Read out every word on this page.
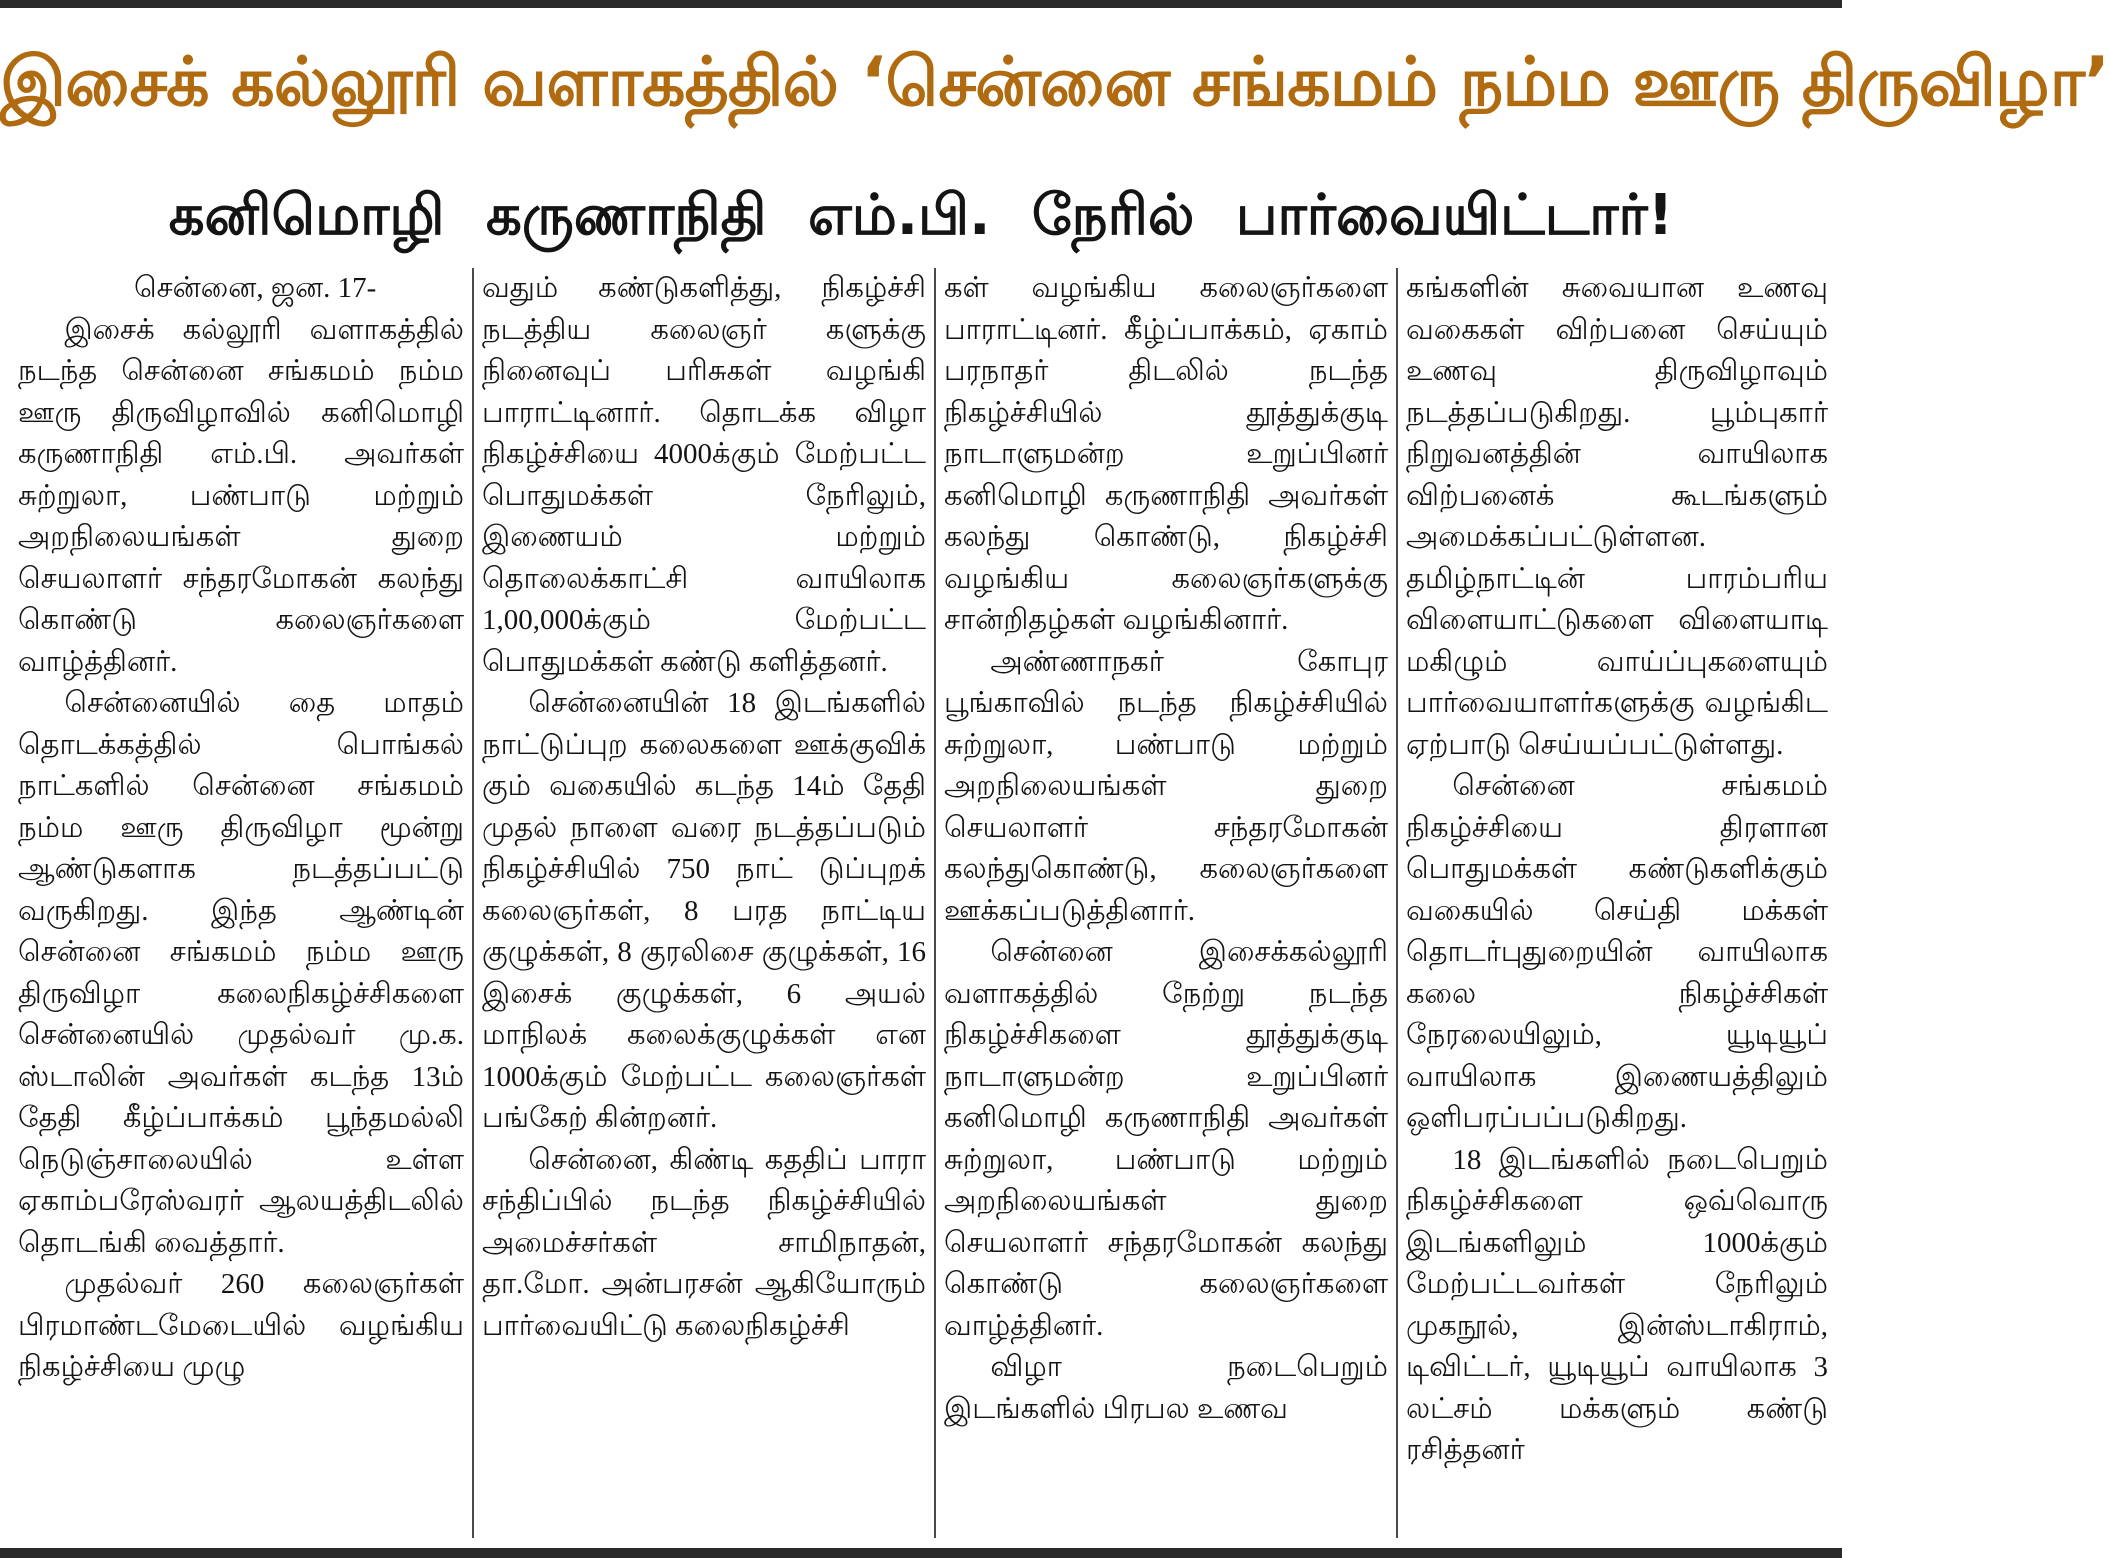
இசைக் கல்லூரி வளாகத்தில் ‘சென்னை சங்கமம் நம்ம ஊரு திருவிழா’
கனிமொழி கருணாநிதி எம்.பி. நேரில் பார்வையிட்டார்!

சென்னை, ஜன. 17-

இசைக் கல்லூரி வளாகத்தில் நடந்த சென்னை சங்கமம் நம்ம ஊரு திருவிழாவில் கனிமொழி கருணாநிதி எம்.பி. அவர்கள் சுற்றுலா, பண்பாடு மற்றும் அறநிலையங்கள் துறை செயலாளர் சந்தரமோகன் கலந்து கொண்டு கலைஞர்களை வாழ்த்தினர்.

சென்னையில் தை மாதம் தொடக்கத்தில் பொங்கல் நாட்களில் சென்னை சங்கமம் நம்ம ஊரு திருவிழா மூன்று ஆண்டுகளாக நடத்தப்பட்டு வருகிறது. இந்த ஆண்டின் சென்னை சங்கமம் நம்ம ஊரு திருவிழா கலைநிகழ்ச்சிகளை சென்னையில் முதல்வர் மு.க. ஸ்டாலின் அவர்கள் கடந்த 13ம் தேதி கீழ்ப்பாக்கம் பூந்தமல்லி நெடுஞ்சாலையில் உள்ள ஏகாம்பரேஸ்வரர் ஆலயத்திடலில் தொடங்கி வைத்தார்.

முதல்வர் 260 கலைஞர்கள் பிரமாண்டமேடையில் வழங்கிய நிகழ்ச்சியை முழு

வதும் கண்டுகளித்து, நிகழ்ச்சி நடத்திய கலைஞர் களுக்கு நினைவுப் பரிசுகள் வழங்கி பாராட்டினார். தொடக்க விழா நிகழ்ச்சியை 4000க்கும் மேற்பட்ட பொதுமக்கள் நேரிலும், இணையம் மற்றும் தொலைக்காட்சி வாயிலாக 1,00,000க்கும் மேற்பட்ட பொதுமக்கள் கண்டு களித்தனர்.

சென்னையின் 18 இடங்களில் நாட்டுப்புற கலைகளை ஊக்குவிக் கும் வகையில் கடந்த 14ம் தேதி முதல் நாளை வரை நடத்தப்படும் நிகழ்ச்சியில் 750 நாட் டுப்புறக் கலைஞர்கள், 8 பரத நாட்டிய குழுக்கள், 8 குரலிசை குழுக்கள், 16 இசைக் குழுக்கள், 6 அயல் மாநிலக் கலைக்குழுக்கள் என 1000க்கும் மேற்பட்ட கலைஞர்கள் பங்கேற் கின்றனர்.

சென்னை, கிண்டி கததிப் பாரா சந்திப்பில் நடந்த நிகழ்ச்சியில் அமைச்சர்கள் சாமிநாதன், தா.மோ. அன்பரசன் ஆகியோரும் பார்வையிட்டு கலைநிகழ்ச்சி

கள் வழங்கிய கலைஞர்களை பாராட்டினர். கீழ்ப்பாக்கம், ஏகாம் பரநாதர் திடலில் நடந்த நிகழ்ச்சியில் தூத்துக்குடி நாடாளுமன்ற உறுப்பினர் கனிமொழி கருணாநிதி அவர்கள் கலந்து கொண்டு, நிகழ்ச்சி வழங்கிய கலைஞர்களுக்கு சான்றிதழ்கள் வழங்கினார்.

அண்ணாநகர் கோபுர பூங்காவில் நடந்த நிகழ்ச்சியில் சுற்றுலா, பண்பாடு மற்றும் அறநிலையங்கள் துறை செயலாளர் சந்தரமோகன் கலந்துகொண்டு, கலைஞர்களை ஊக்கப்படுத்தினார்.

சென்னை இசைக்கல்லூரி வளாகத்தில் நேற்று நடந்த நிகழ்ச்சிகளை தூத்துக்குடி நாடாளுமன்ற உறுப்பினர் கனிமொழி கருணாநிதி அவர்கள் சுற்றுலா, பண்பாடு மற்றும் அறநிலையங்கள் துறை செயலாளர் சந்தரமோகன் கலந்து கொண்டு கலைஞர்களை வாழ்த்தினர்.

விழா நடைபெறும் இடங்களில் பிரபல உணவ

கங்களின் சுவையான உணவு வகைகள் விற்பனை செய்யும் உணவு திருவிழாவும் நடத்தப்படுகிறது. பூம்புகார் நிறுவனத்தின் வாயிலாக விற்பனைக் கூடங்களும் அமைக்கப்பட்டுள்ளன. தமிழ்நாட்டின் பாரம்பரிய விளையாட்டுகளை விளையாடி மகிழும் வாய்ப்புகளையும் பார்வையாளர்களுக்கு வழங்கிட ஏற்பாடு செய்யப்பட்டுள்ளது.

சென்னை சங்கமம் நிகழ்ச்சியை திரளான பொதுமக்கள் கண்டுகளிக்கும் வகையில் செய்தி மக்கள் தொடர்புதுறையின் வாயிலாக கலை நிகழ்ச்சிகள் நேரலையிலும், யூடியூப் வாயிலாக இணையத்திலும் ஒளிபரப்பப்படுகிறது.

18 இடங்களில் நடைபெறும் நிகழ்ச்சிகளை ஒவ்வொரு இடங்களிலும் 1000க்கும் மேற்பட்டவர்கள் நேரிலும் முகநூல், இன்ஸ்டாகிராம், டிவிட்டர், யூடியூப் வாயிலாக 3 லட்சம் மக்களும் கண்டு ரசித்தனர்
